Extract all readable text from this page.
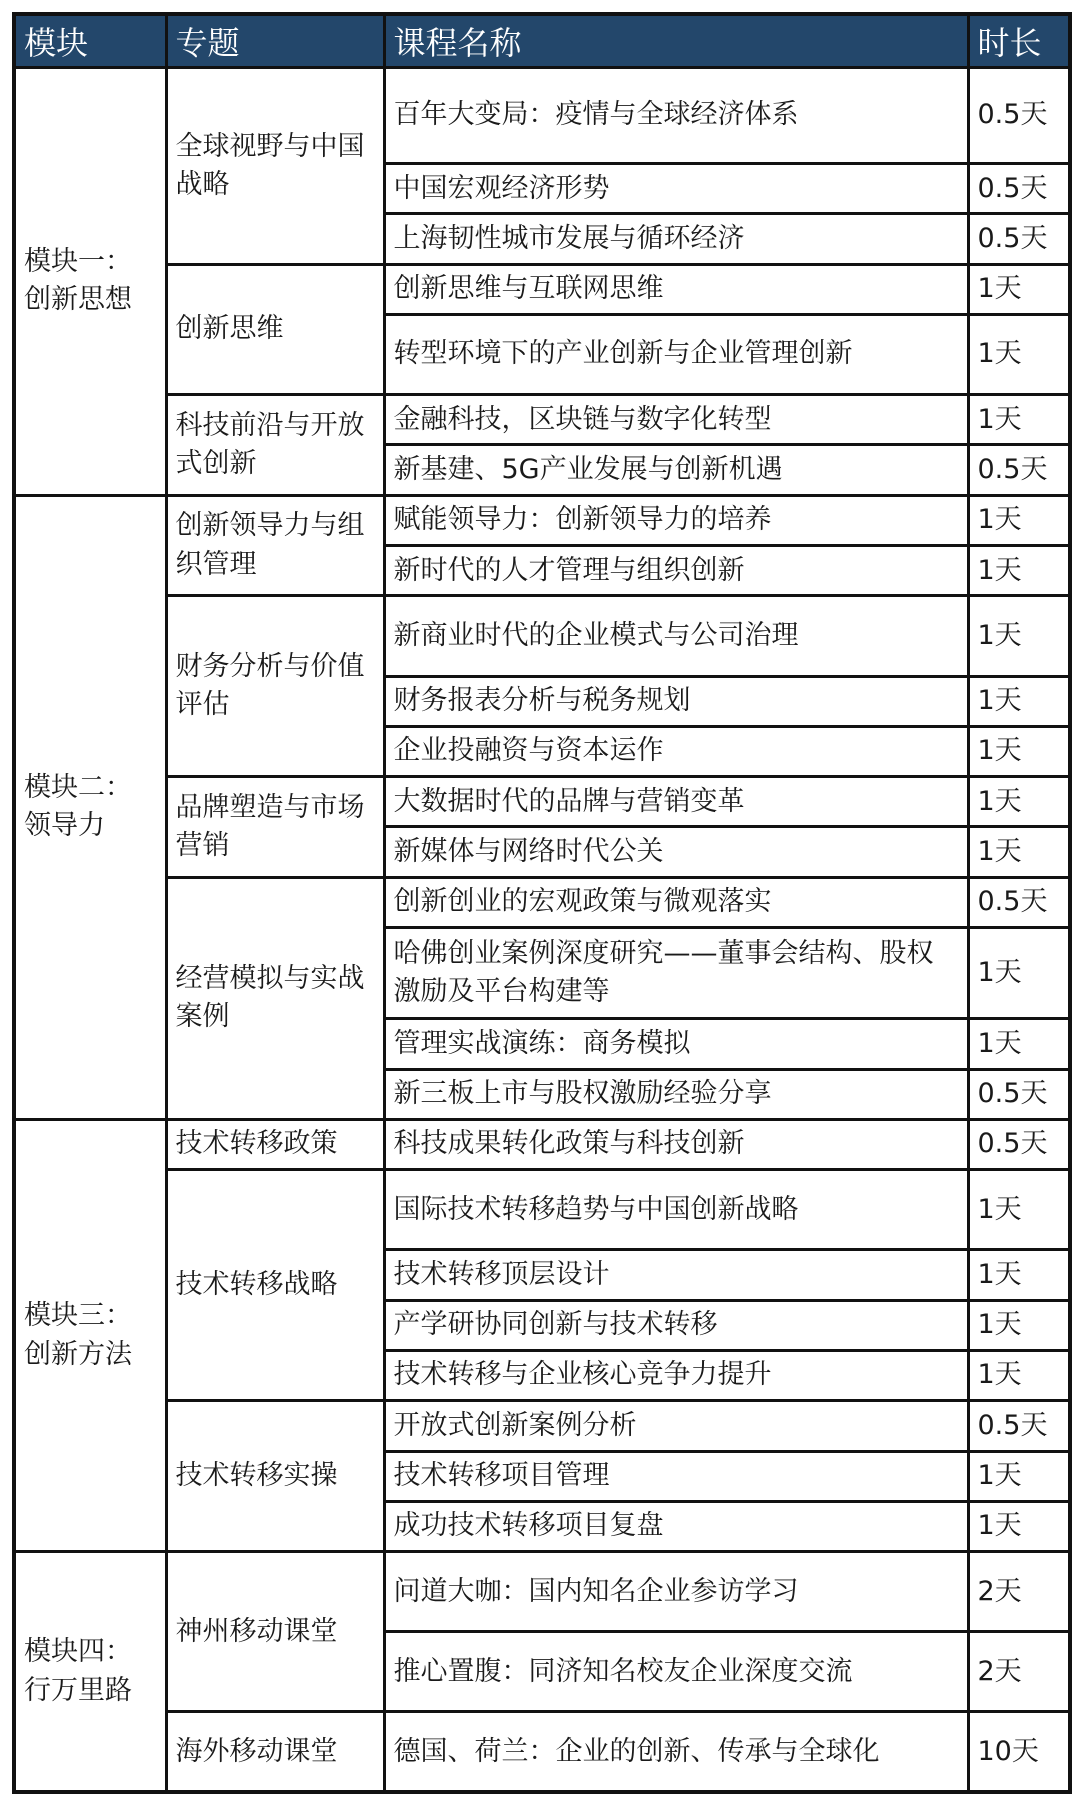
模块	专题	课程名称	时长
模块一：创新思想	全球视野与中国战略	百年大变局：疫情与全球经济体系	0.5天
		中国宏观经济形势	0.5天
		上海韧性城市发展与循环经济	0.5天
	创新思维	创新思维与互联网思维	1天
		转型环境下的产业创新与企业管理创新	1天
	科技前沿与开放式创新	金融科技，区块链与数字化转型	1天
		新基建、5G产业发展与创新机遇	0.5天
模块二：领导力	创新领导力与组织管理	赋能领导力：创新领导力的培养	1天
		新时代的人才管理与组织创新	1天
	财务分析与价值评估	新商业时代的企业模式与公司治理	1天
		财务报表分析与税务规划	1天
		企业投融资与资本运作	1天
	品牌塑造与市场营销	大数据时代的品牌与营销变革	1天
		新媒体与网络时代公关	1天
	经营模拟与实战案例	创新创业的宏观政策与微观落实	0.5天
		哈佛创业案例深度研究——董事会结构、股权激励及平台构建等	1天
		管理实战演练：商务模拟	1天
		新三板上市与股权激励经验分享	0.5天
模块三：创新方法	技术转移政策	科技成果转化政策与科技创新	0.5天
	技术转移战略	国际技术转移趋势与中国创新战略	1天
		技术转移顶层设计	1天
		产学研协同创新与技术转移	1天
		技术转移与企业核心竞争力提升	1天
	技术转移实操	开放式创新案例分析	0.5天
		技术转移项目管理	1天
		成功技术转移项目复盘	1天
模块四：行万里路	神州移动课堂	问道大咖：国内知名企业参访学习	2天
		推心置腹：同济知名校友企业深度交流	2天
	海外移动课堂	德国、荷兰：企业的创新、传承与全球化	10天
